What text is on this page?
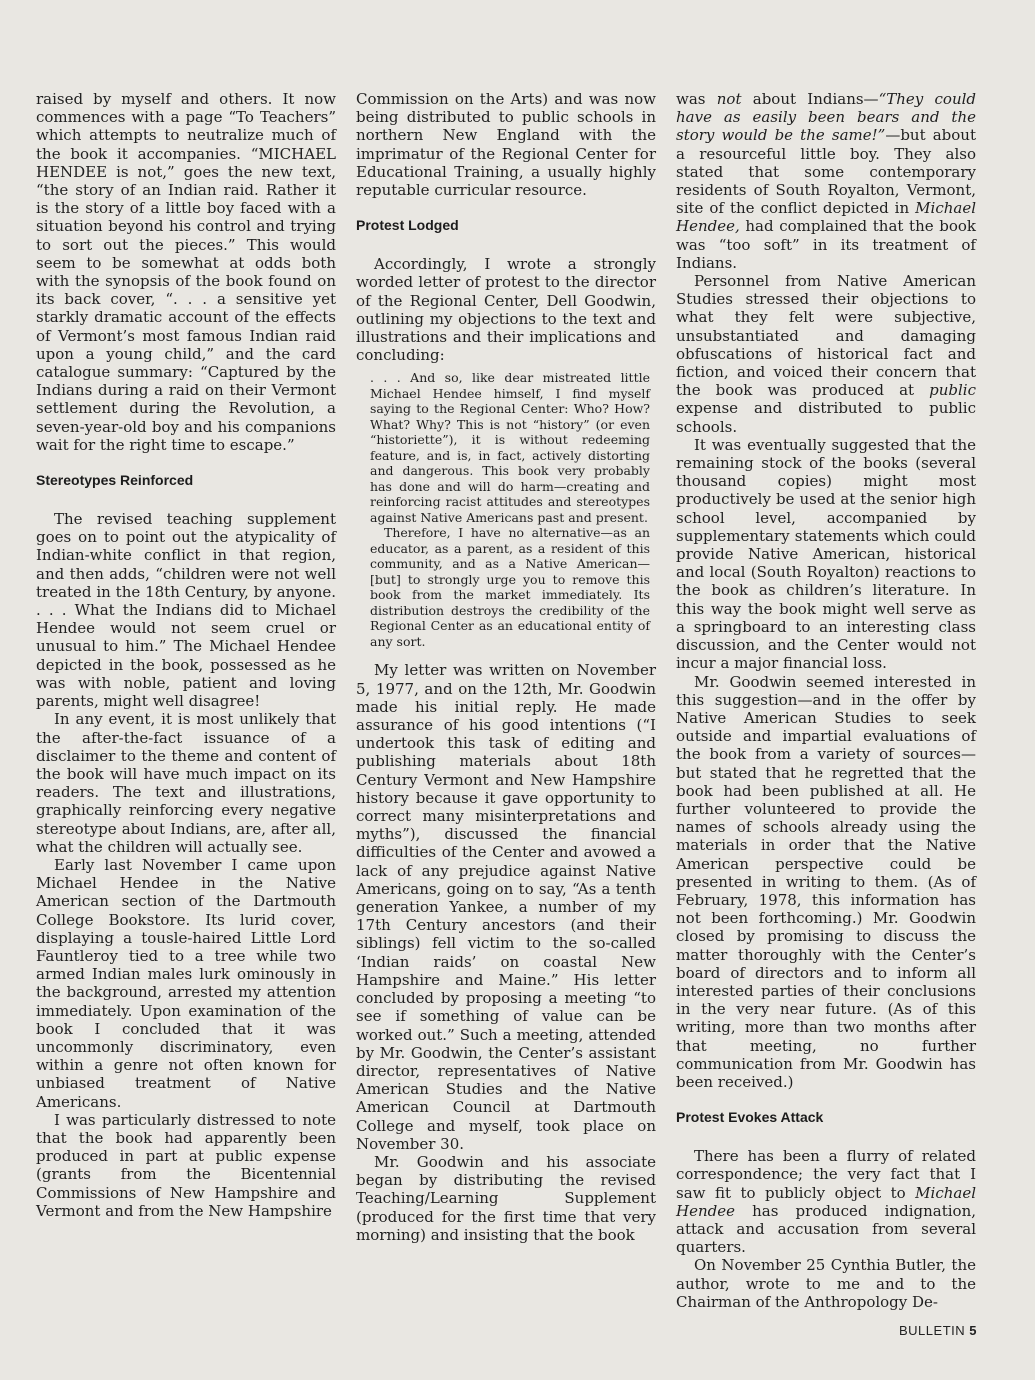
raised by myself and others. It now commences with a page “To Teachers” which attempts to neutralize much of the book it accompanies. “MICHAEL HENDEE is not,” goes the new text, “the story of an Indian raid. Rather it is the story of a little boy faced with a situation beyond his control and trying to sort out the pieces.” This would seem to be somewhat at odds both with the synopsis of the book found on its back cover, “. . . a sensitive yet starkly dramatic account of the effects of Vermont’s most famous Indian raid upon a young child,” and the card catalogue summary: “Captured by the Indians during a raid on their Vermont settlement during the Revolution, a seven-year-old boy and his companions wait for the right time to escape.”

Stereotypes Reinforced

The revised teaching supplement goes on to point out the atypicality of Indian-white conflict in that region, and then adds, “children were not well treated in the 18th Century, by anyone. . . . What the Indians did to Michael Hendee would not seem cruel or unusual to him.” The Michael Hendee depicted in the book, possessed as he was with noble, patient and loving parents, might well disagree!

In any event, it is most unlikely that the after-the-fact issuance of a disclaimer to the theme and content of the book will have much impact on its readers. The text and illustrations, graphically reinforcing every negative stereotype about Indians, are, after all, what the children will actually see.

Early last November I came upon Michael Hendee in the Native American section of the Dartmouth College Bookstore. Its lurid cover, displaying a tousle-haired Little Lord Fauntleroy tied to a tree while two armed Indian males lurk ominously in the background, arrested my attention immediately. Upon examination of the book I concluded that it was uncommonly discriminatory, even within a genre not often known for unbiased treatment of Native Americans.

I was particularly distressed to note that the book had apparently been produced in part at public expense (grants from the Bicentennial Commissions of New Hampshire and Vermont and from the New Hampshire

Commission on the Arts) and was now being distributed to public schools in northern New England with the imprimatur of the Regional Center for Educational Training, a usually highly reputable curricular resource.

Protest Lodged

Accordingly, I wrote a strongly worded letter of protest to the director of the Regional Center, Dell Goodwin, outlining my objections to the text and illustrations and their implications and concluding:

. . . And so, like dear mistreated little Michael Hendee himself, I find myself saying to the Regional Center: Who? How? What? Why? This is not “history” (or even “historiette”), it is without redeeming feature, and is, in fact, actively distorting and dangerous. This book very probably has done and will do harm—creating and reinforcing racist attitudes and stereotypes against Native Americans past and present.

Therefore, I have no alternative—as an educator, as a parent, as a resident of this community, and as a Native American—[but] to strongly urge you to remove this book from the market immediately. Its distribution destroys the credibility of the Regional Center as an educational entity of any sort.

My letter was written on November 5, 1977, and on the 12th, Mr. Goodwin made his initial reply. He made assurance of his good intentions (“I undertook this task of editing and publishing materials about 18th Century Vermont and New Hampshire history because it gave opportunity to correct many misinterpretations and myths”), discussed the financial difficulties of the Center and avowed a lack of any prejudice against Native Americans, going on to say, “As a tenth generation Yankee, a number of my 17th Century ancestors (and their siblings) fell victim to the so-called ‘Indian raids’ on coastal New Hampshire and Maine.” His letter concluded by proposing a meeting “to see if something of value can be worked out.” Such a meeting, attended by Mr. Goodwin, the Center’s assistant director, representatives of Native American Studies and the Native American Council at Dartmouth College and myself, took place on November 30.

Mr. Goodwin and his associate began by distributing the revised Teaching/Learning Supplement (produced for the first time that very morning) and insisting that the book

was not about Indians—“They could have as easily been bears and the story would be the same!”—but about a resourceful little boy. They also stated that some contemporary residents of South Royalton, Vermont, site of the conflict depicted in Michael Hendee, had complained that the book was “too soft” in its treatment of Indians.

Personnel from Native American Studies stressed their objections to what they felt were subjective, unsubstantiated and damaging obfuscations of historical fact and fiction, and voiced their concern that the book was produced at public expense and distributed to public schools.

It was eventually suggested that the remaining stock of the books (several thousand copies) might most productively be used at the senior high school level, accompanied by supplementary statements which could provide Native American, historical and local (South Royalton) reactions to the book as children’s literature. In this way the book might well serve as a springboard to an interesting class discussion, and the Center would not incur a major financial loss.

Mr. Goodwin seemed interested in this suggestion—and in the offer by Native American Studies to seek outside and impartial evaluations of the book from a variety of sources—but stated that he regretted that the book had been published at all. He further volunteered to provide the names of schools already using the materials in order that the Native American perspective could be presented in writing to them. (As of February, 1978, this information has not been forthcoming.) Mr. Goodwin closed by promising to discuss the matter thoroughly with the Center’s board of directors and to inform all interested parties of their conclusions in the very near future. (As of this writing, more than two months after that meeting, no further communication from Mr. Goodwin has been received.)

Protest Evokes Attack

There has been a flurry of related correspondence; the very fact that I saw fit to publicly object to Michael Hendee has produced indignation, attack and accusation from several quarters.

On November 25 Cynthia Butler, the author, wrote to me and to the Chairman of the Anthropology De-

BULLETIN 5
